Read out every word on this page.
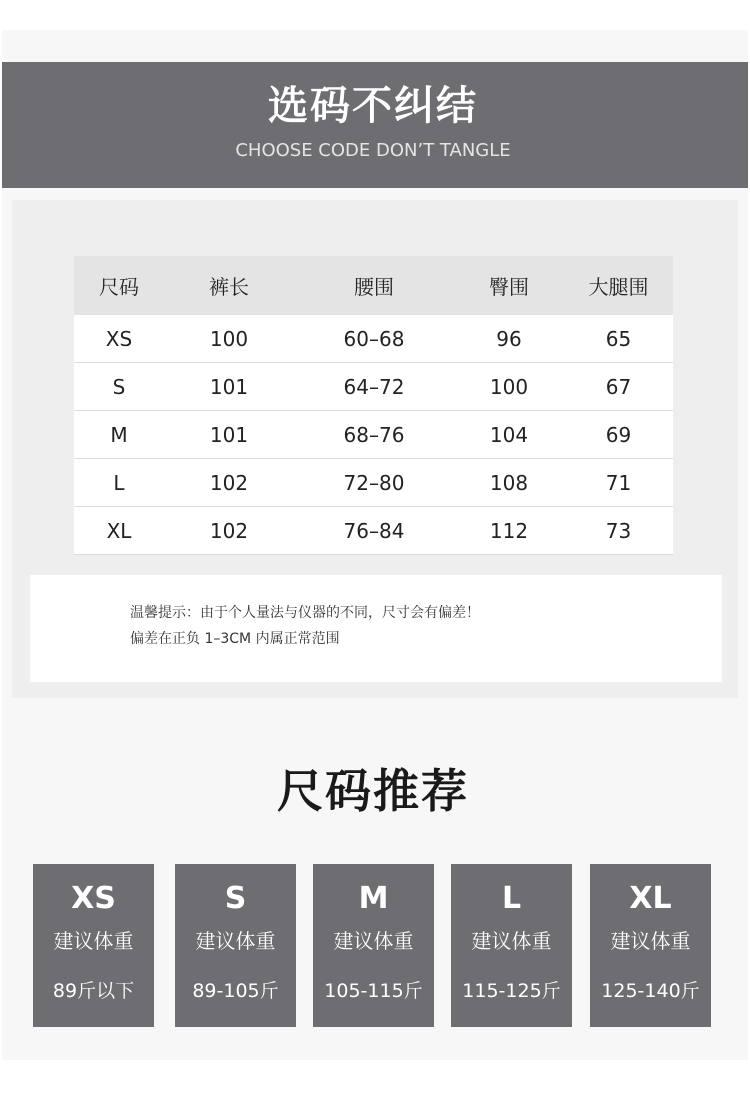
选码不纠结
CHOOSE CODE DON’T TANGLE
尺码	裤长	腰围	臀围	大腿围
XS	100	60–68	96	65
S	101	64–72	100	67
M	101	68–76	104	69
L	102	72–80	108	71
XL	102	76–84	112	73
温馨提示：由于个人量法与仪器的不同，尺寸会有偏差！
偏差在正负 1–3CM 内属正常范围
尺码推荐
XS
建议体重
89斤以下
S
建议体重
89-105斤
M
建议体重
105-115斤
L
建议体重
115-125斤
XL
建议体重
125-140斤
